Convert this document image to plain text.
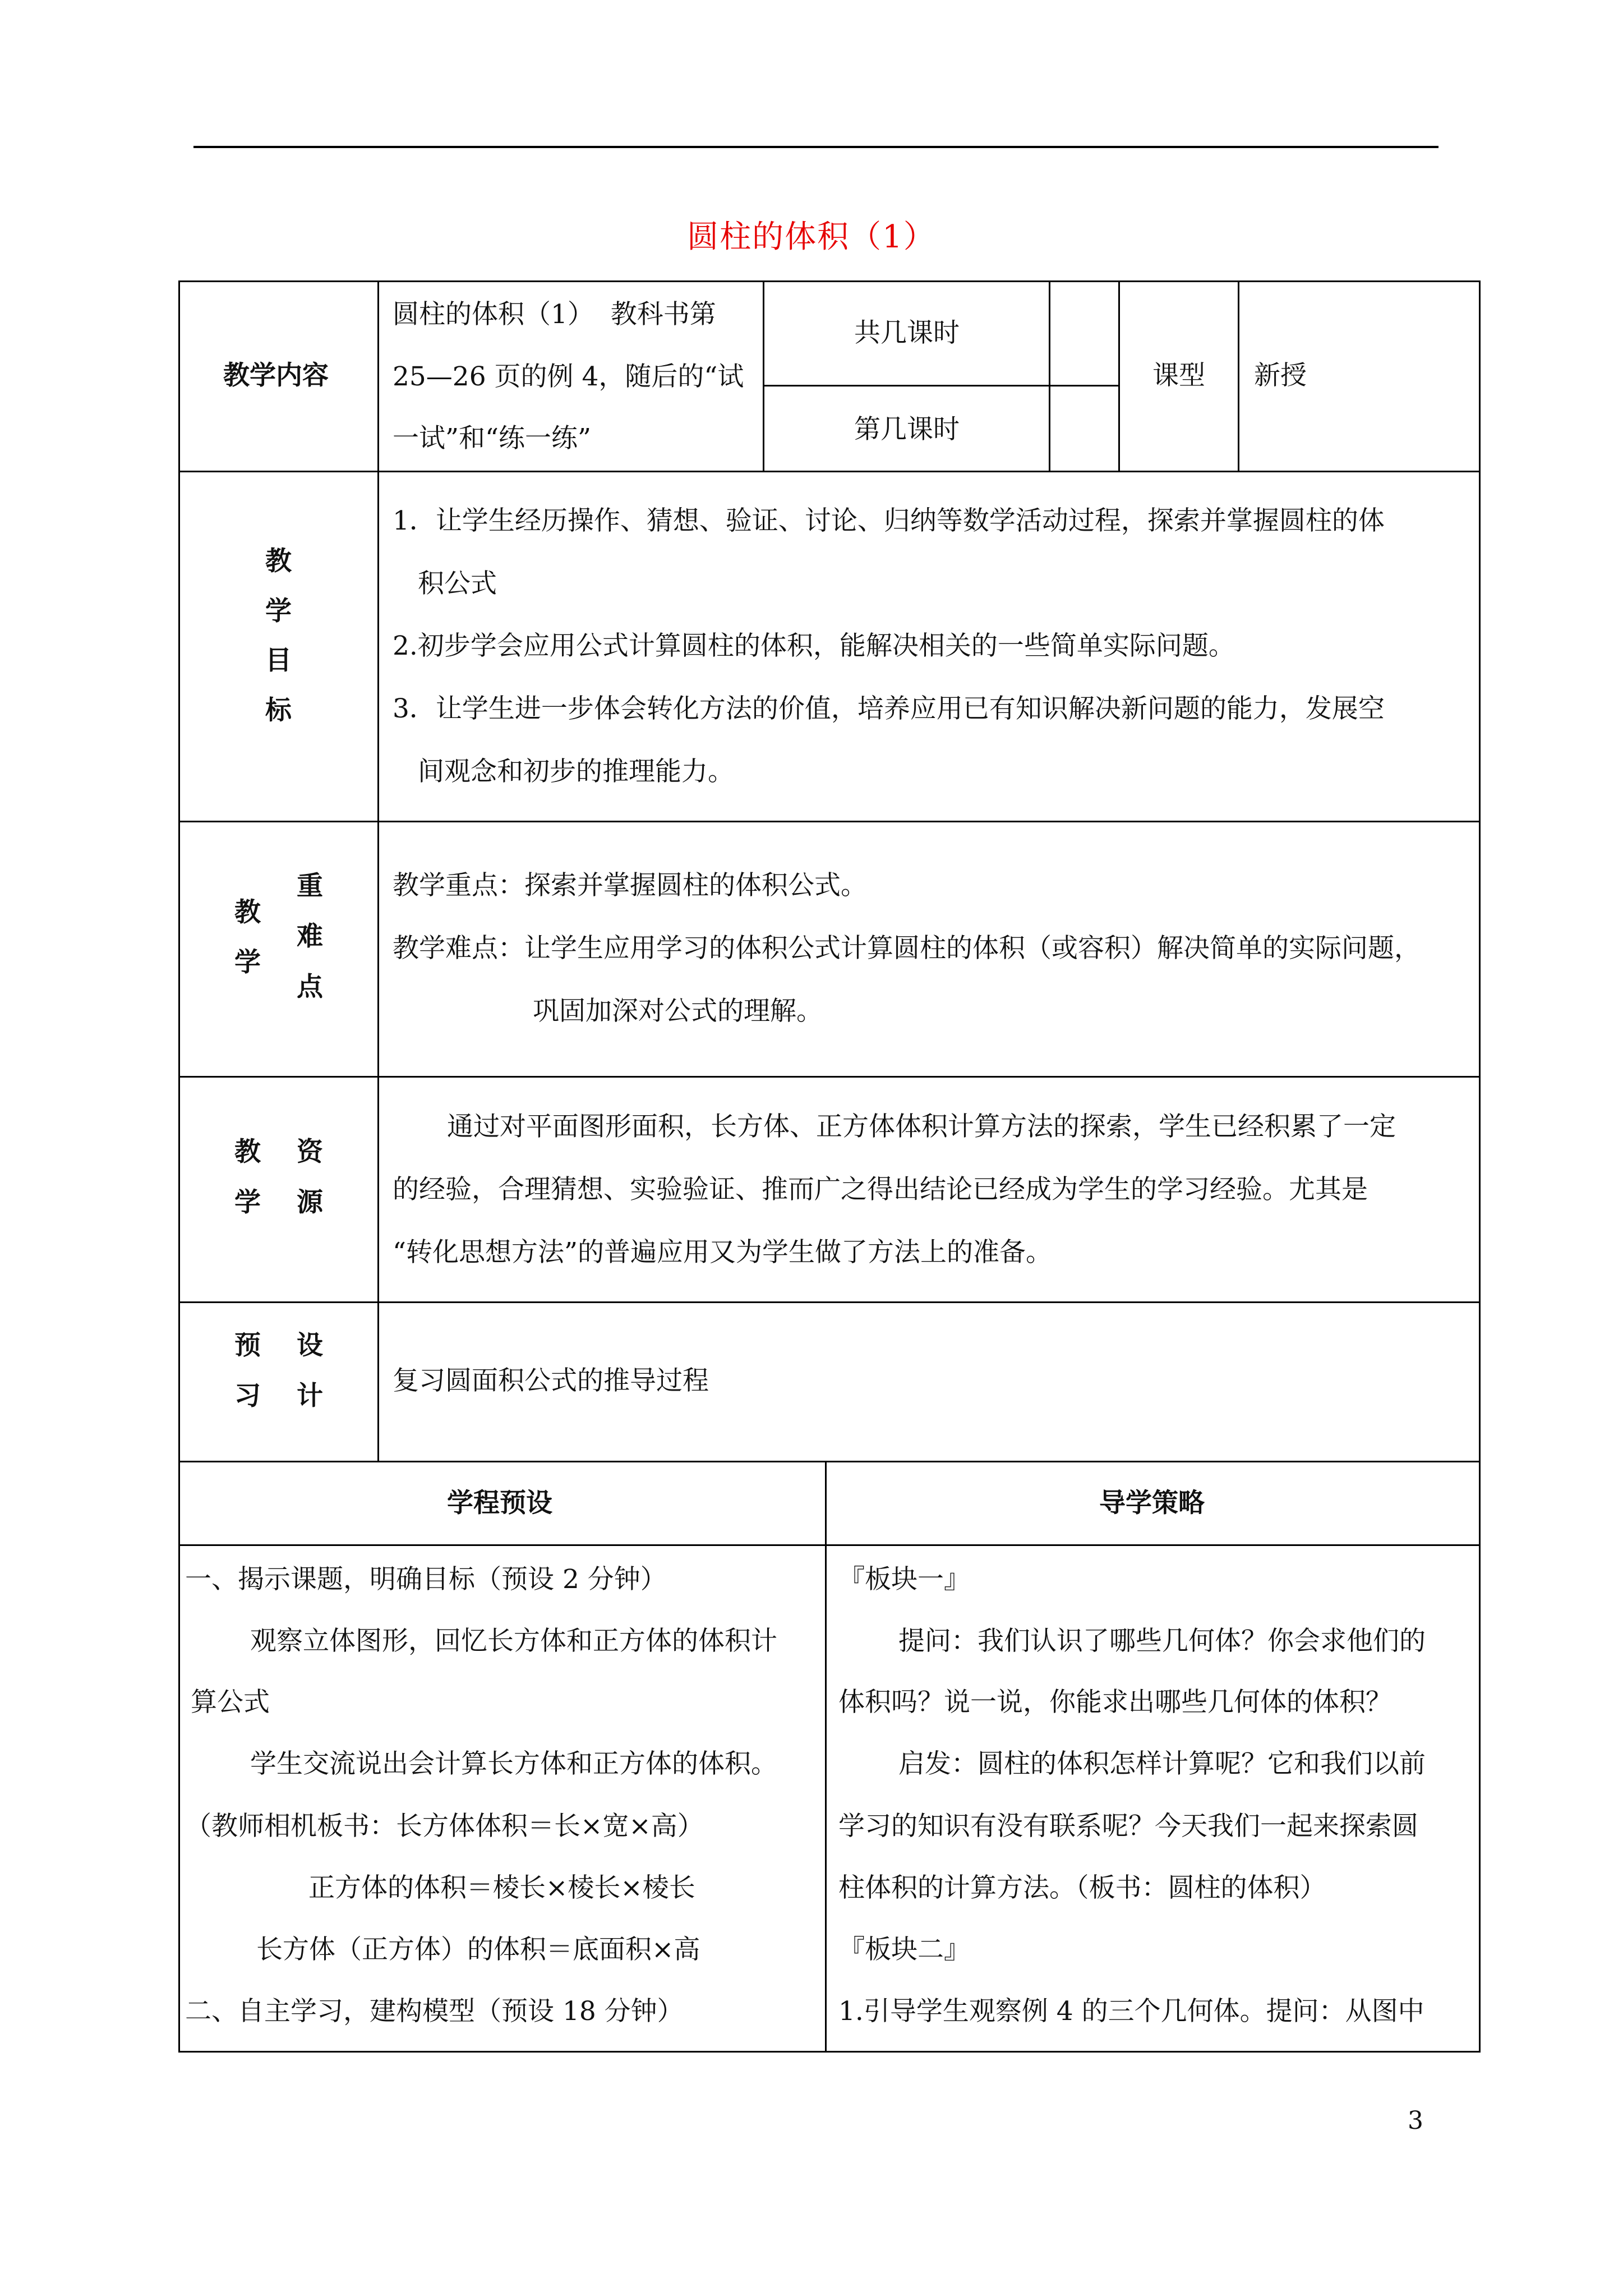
圆柱的体积（1）
教学内容
圆柱的体积（1）  教科书第
25—26 页的例 4，随后的“试
一试”和“练一练”
共几课时
第几课时
课型 新授
教
学
目
标
1．让学生经历操作、猜想、验证、讨论、归纳等数学活动过程，探索并掌握圆柱的体
积公式
2.初步学会应用公式计算圆柱的体积，能解决相关的一些简单实际问题。
3．让学生进一步体会转化方法的价值，培养应用已有知识解决新问题的能力，发展空
间观念和初步的推理能力。
教
学
重
难
点
教学重点：探索并掌握圆柱的体积公式。
教学难点：让学生应用学习的体积公式计算圆柱的体积（或容积）解决简单的实际问题，
巩固加深对公式的理解。
教
学
资
源
通过对平面图形面积，长方体、正方体体积计算方法的探索，学生已经积累了一定
的经验，合理猜想、实验验证、推而广之得出结论已经成为学生的学习经验。尤其是
“转化思想方法”的普遍应用又为学生做了方法上的准备。
预
习
设
计	复习圆面积公式的推导过程
学程预设	导学策略
一、揭示课题，明确目标（预设 2 分钟）
观察立体图形，回忆长方体和正方体的体积计
算公式
学生交流说出会计算长方体和正方体的体积。
（教师相机板书：长方体体积＝长×宽×高）
正方体的体积＝棱长×棱长×棱长
长方体（正方体）的体积＝底面积×高
二、自主学习，建构模型（预设 18 分钟）
『板块一』
提问：我们认识了哪些几何体？你会求他们的
体积吗？说一说，你能求出哪些几何体的体积？
启发：圆柱的体积怎样计算呢？它和我们以前
学习的知识有没有联系呢？今天我们一起来探索圆
柱体积的计算方法。（板书：圆柱的体积）
『板块二』
1.引导学生观察例 4 的三个几何体。提问：从图中
3
